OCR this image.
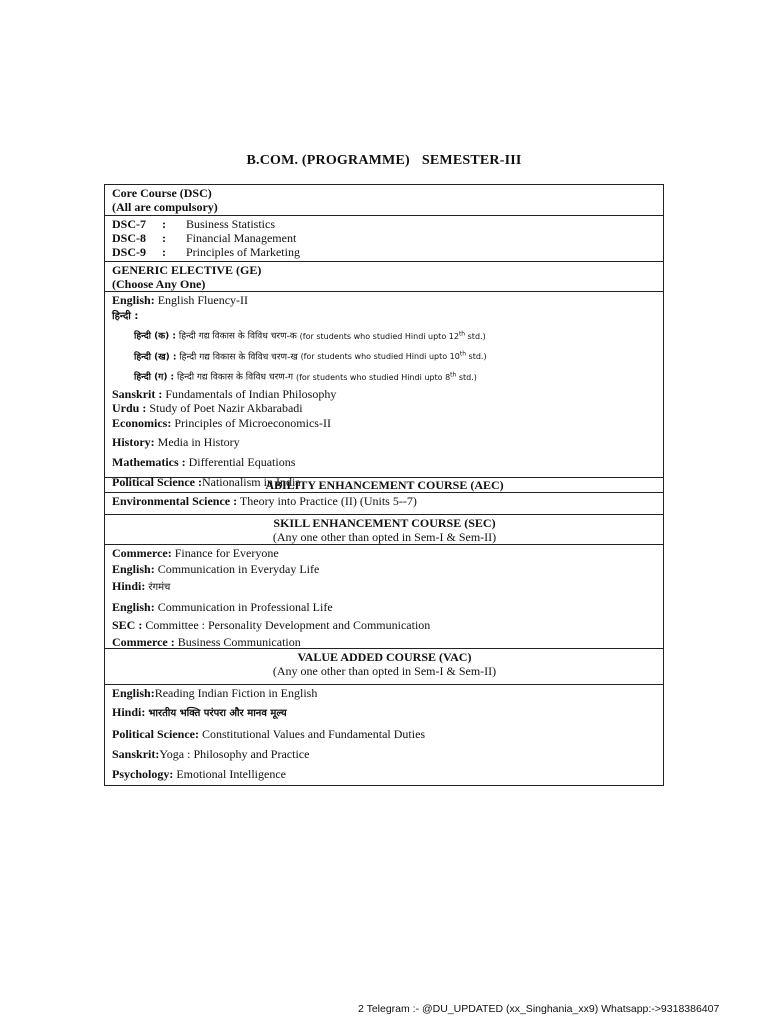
B.COM. (PROGRAMME) SEMESTER-III
Core Course (DSC)
(All are compulsory)
DSC-7	:	Business Statistics
DSC-8	:	Financial Management
DSC-9	:	Principles of Marketing
GENERIC ELECTIVE (GE)
(Choose Any One)
English: English Fluency-II
हिन्दी :
हिन्दी (क) : हिन्दी गद्य विकास के विविध चरण-क (for students who studied Hindi upto 12th std.)
हिन्दी (ख) : हिन्दी गद्य विकास के विविध चरण-ख (for students who studied Hindi upto 10th std.)
हिन्दी (ग) : हिन्दी गद्य विकास के विविध चरण-ग (for students who studied Hindi upto 8th std.)
Sanskrit : Fundamentals of Indian Philosophy
Urdu : Study of Poet Nazir Akbarabadi
Economics: Principles of Microeconomics-II
History: Media in History
Mathematics : Differential Equations
Political Science :Nationalism in India
ABILITY ENHANCEMENT COURSE (AEC)
Environmental Science : Theory into Practice (II) (Units 5--7)
SKILL ENHANCEMENT COURSE (SEC)
(Any one other than opted in Sem-I & Sem-II)
Commerce: Finance for Everyone
English: Communication in Everyday Life
Hindi: रंगमंच
English: Communication in Professional Life
SEC : Committee : Personality Development and Communication
Commerce : Business Communication
VALUE ADDED COURSE (VAC)
(Any one other than opted in Sem-I & Sem-II)
English:Reading Indian Fiction in English
Hindi: भारतीय भक्ति परंपरा और मानव मूल्य
Political Science: Constitutional Values and Fundamental Duties
Sanskrit:Yoga : Philosophy and Practice
Psychology: Emotional Intelligence
2 Telegram :- @DU_UPDATED (xx_Singhania_xx9) Whatsapp:->9318386407
